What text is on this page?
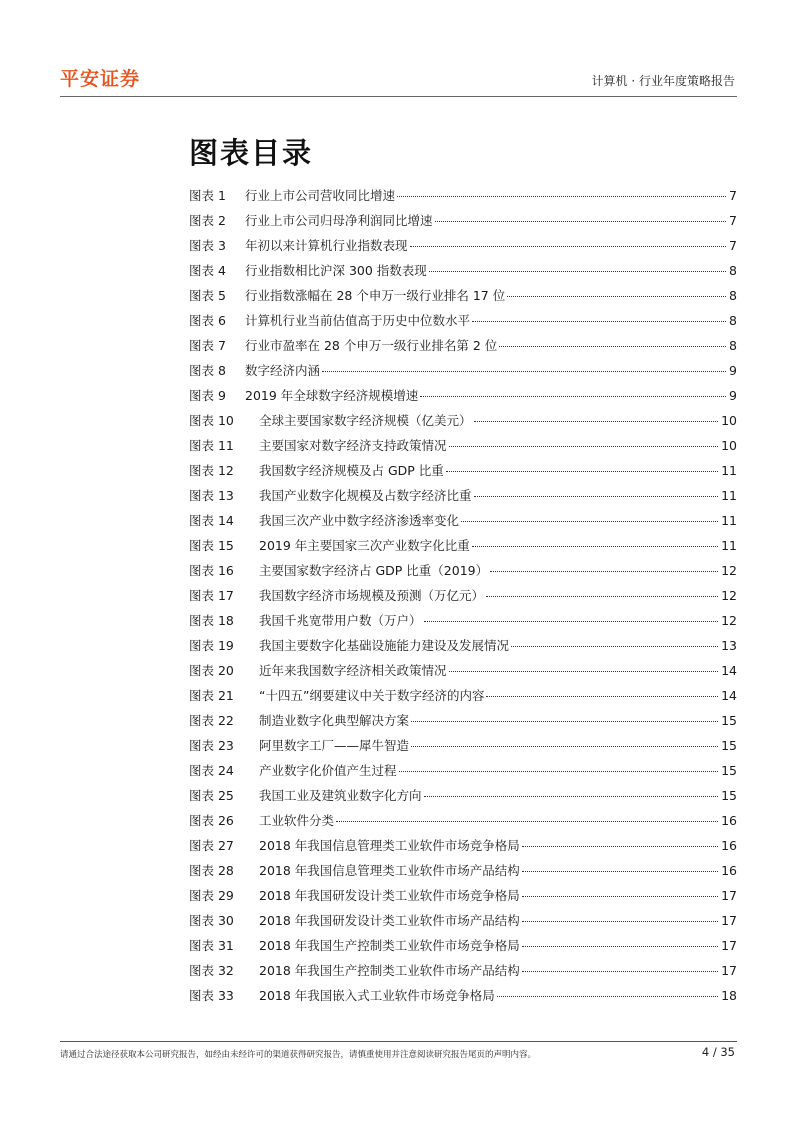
平安证券	计算机 · 行业年度策略报告
图表目录
图表 1	行业上市公司营收同比增速	7
图表 2	行业上市公司归母净利润同比增速	7
图表 3	年初以来计算机行业指数表现	7
图表 4	行业指数相比沪深 300 指数表现	8
图表 5	行业指数涨幅在 28 个申万一级行业排名 17 位	8
图表 6	计算机行业当前估值高于历史中位数水平	8
图表 7	行业市盈率在 28 个申万一级行业排名第 2 位	8
图表 8	数字经济内涵	9
图表 9	2019 年全球数字经济规模增速	9
图表 10	全球主要国家数字经济规模（亿美元）	10
图表 11	主要国家对数字经济支持政策情况	10
图表 12	我国数字经济规模及占 GDP 比重	11
图表 13	我国产业数字化规模及占数字经济比重	11
图表 14	我国三次产业中数字经济渗透率变化	11
图表 15	2019 年主要国家三次产业数字化比重	11
图表 16	主要国家数字经济占 GDP 比重（2019）	12
图表 17	我国数字经济市场规模及预测（万亿元）	12
图表 18	我国千兆宽带用户数（万户）	12
图表 19	我国主要数字化基础设施能力建设及发展情况	13
图表 20	近年来我国数字经济相关政策情况	14
图表 21	“十四五”纲要建议中关于数字经济的内容	14
图表 22	制造业数字化典型解决方案	15
图表 23	阿里数字工厂——犀牛智造	15
图表 24	产业数字化价值产生过程	15
图表 25	我国工业及建筑业数字化方向	15
图表 26	工业软件分类	16
图表 27	2018 年我国信息管理类工业软件市场竞争格局	16
图表 28	2018 年我国信息管理类工业软件市场产品结构	16
图表 29	2018 年我国研发设计类工业软件市场竞争格局	17
图表 30	2018 年我国研发设计类工业软件市场产品结构	17
图表 31	2018 年我国生产控制类工业软件市场竞争格局	17
图表 32	2018 年我国生产控制类工业软件市场产品结构	17
图表 33	2018 年我国嵌入式工业软件市场竞争格局	18
请通过合法途径获取本公司研究报告，如经由未经许可的渠道获得研究报告，请慎重使用并注意阅读研究报告尾页的声明内容。	4 / 35
